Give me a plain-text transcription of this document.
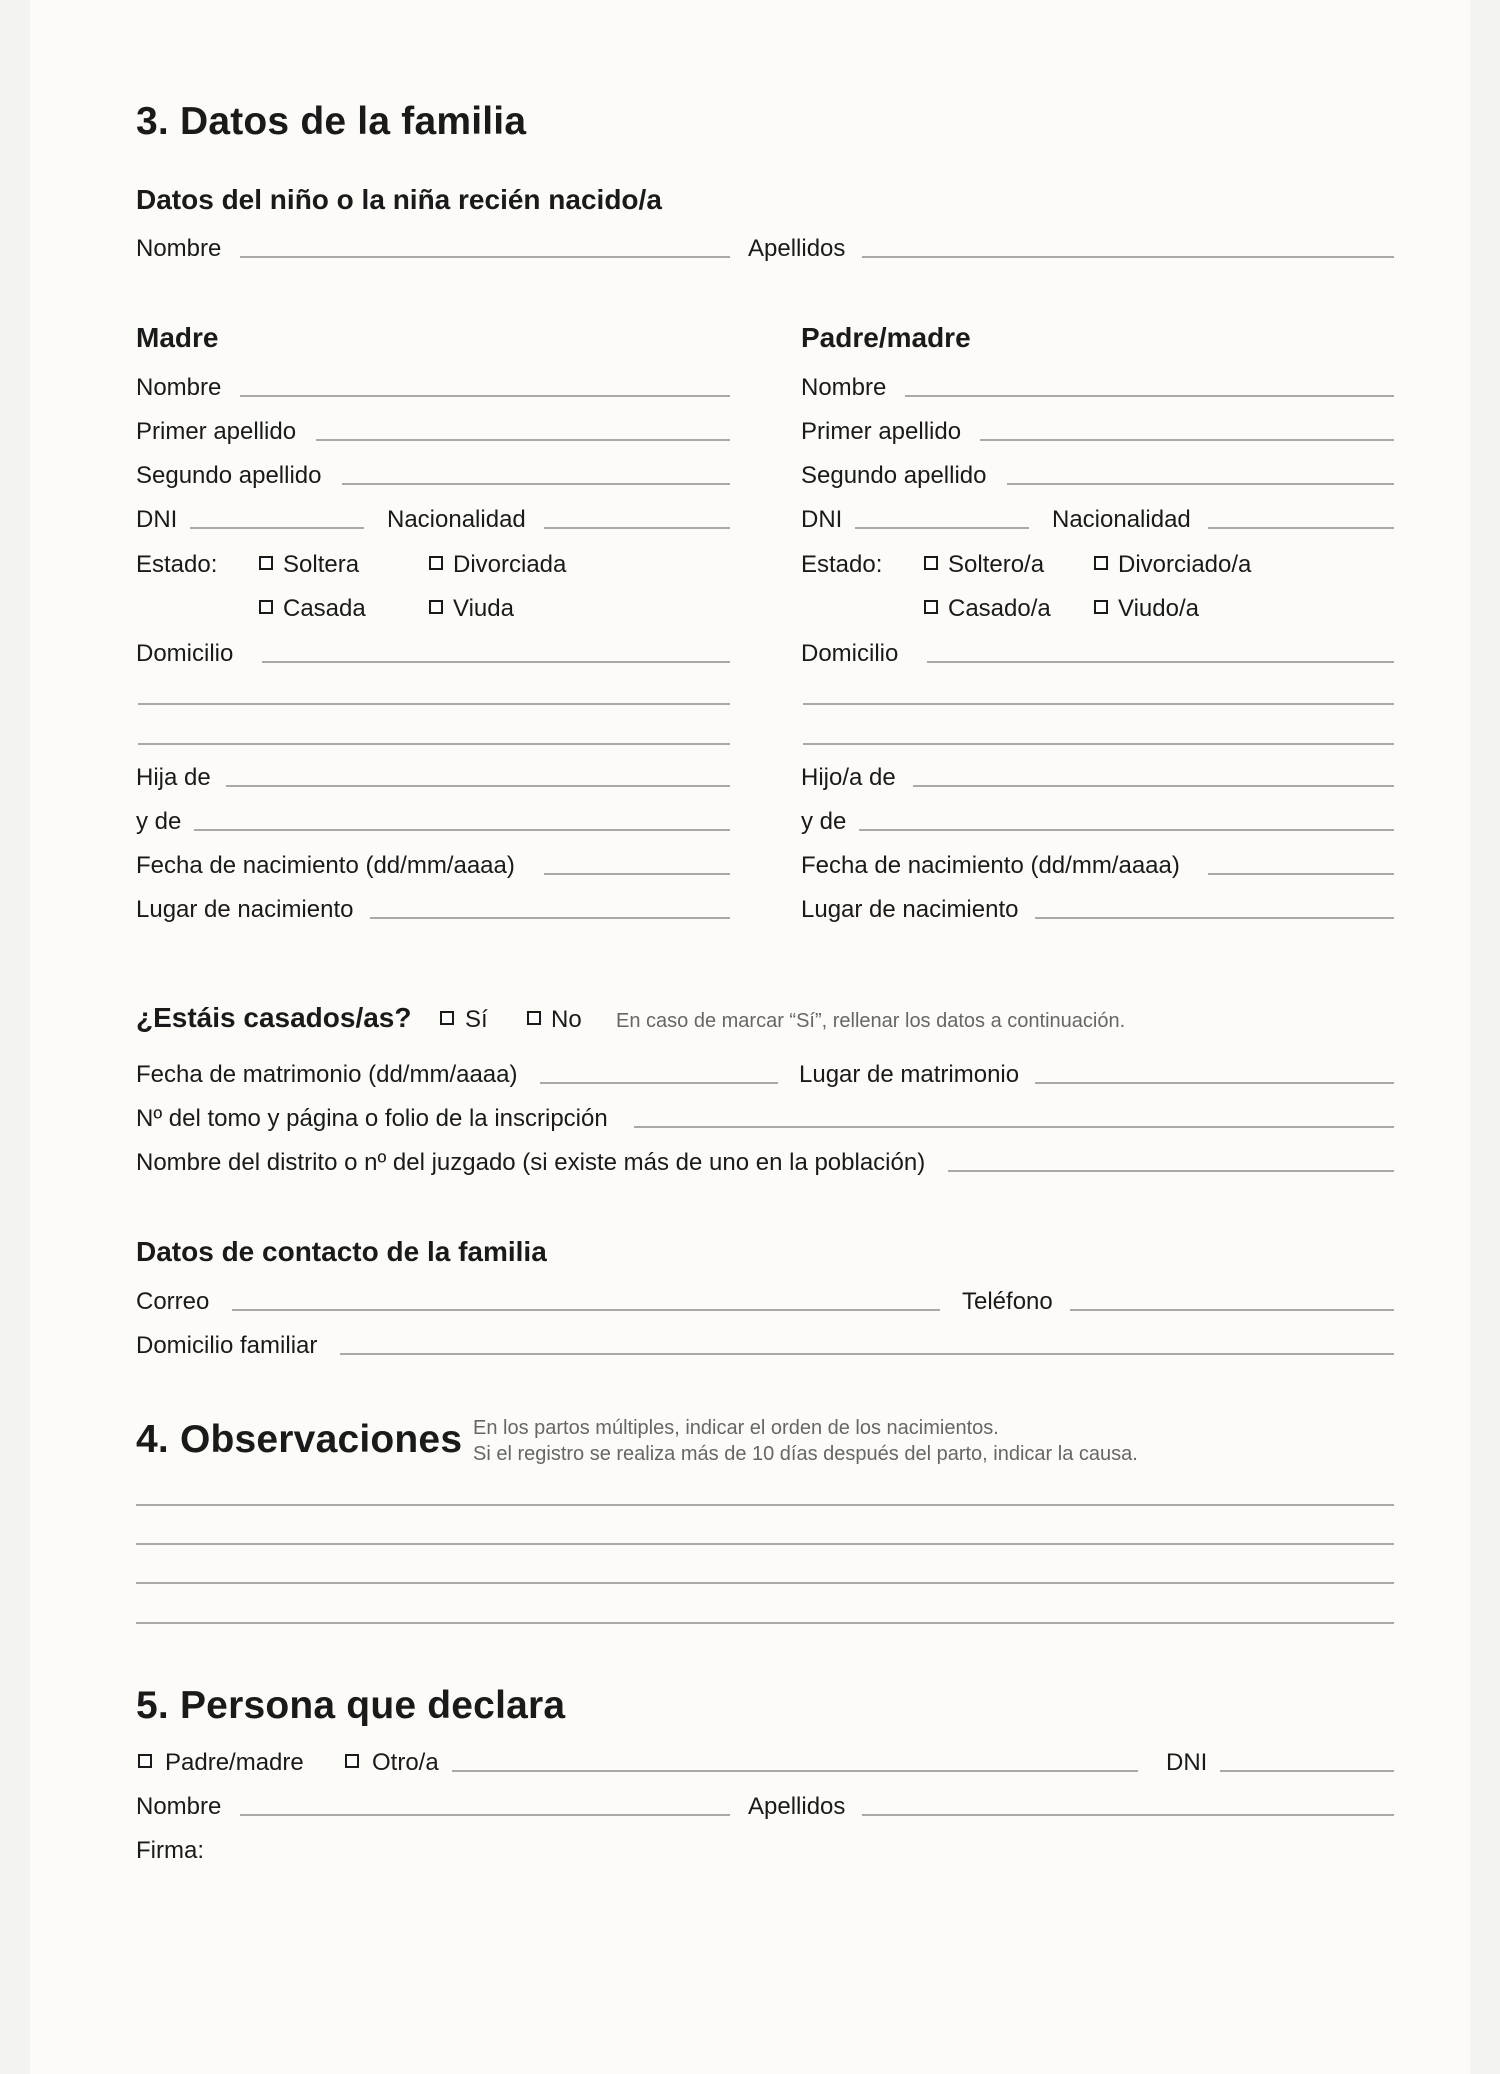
3. Datos de la familia
Datos del niño o la niña recién nacido/a
Nombre	Apellidos
Madre
Nombre
Primer apellido
Segundo apellido
DNI	Nacionalidad
Estado:	Soltera	Divorciada
Casada	Viuda
Domicilio
Hija de
y de
Fecha de nacimiento (dd/mm/aaaa)
Lugar de nacimiento
Padre/madre
Nombre
Primer apellido
Segundo apellido
DNI	Nacionalidad
Estado:	Soltero/a	Divorciado/a
Casado/a	Viudo/a
Domicilio
Hijo/a de
y de
Fecha de nacimiento (dd/mm/aaaa)
Lugar de nacimiento
¿Estáis casados/as? Sí	No En caso de marcar “Sí”, rellenar los datos a continuación.
Fecha de matrimonio (dd/mm/aaaa)	Lugar de matrimonio
Nº del tomo y página o folio de la inscripción
Nombre del distrito o nº del juzgado (si existe más de uno en la población)
Datos de contacto de la familia
Correo	Teléfono
Domicilio familiar
4. Observaciones En los partos múltiples, indicar el orden de los nacimientos.
Si el registro se realiza más de 10 días después del parto, indicar la causa.
5. Persona que declara
Padre/madre	Otro/a	DNI
Nombre	Apellidos
Firma:
